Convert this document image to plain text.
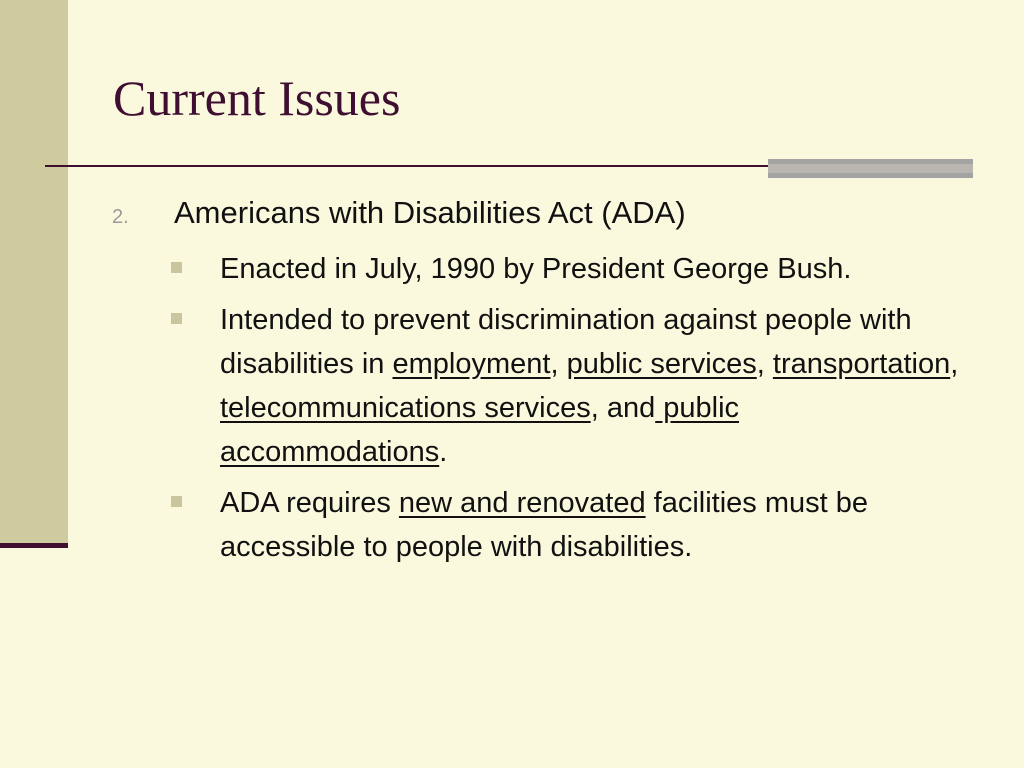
Current Issues
2.	Americans with Disabilities Act (ADA)
Enacted in July, 1990 by President George Bush.
Intended to prevent discrimination against people with disabilities in employment, public services, transportation, telecommunications services, and public accommodations.
ADA requires new and renovated facilities must be accessible to people with disabilities.
